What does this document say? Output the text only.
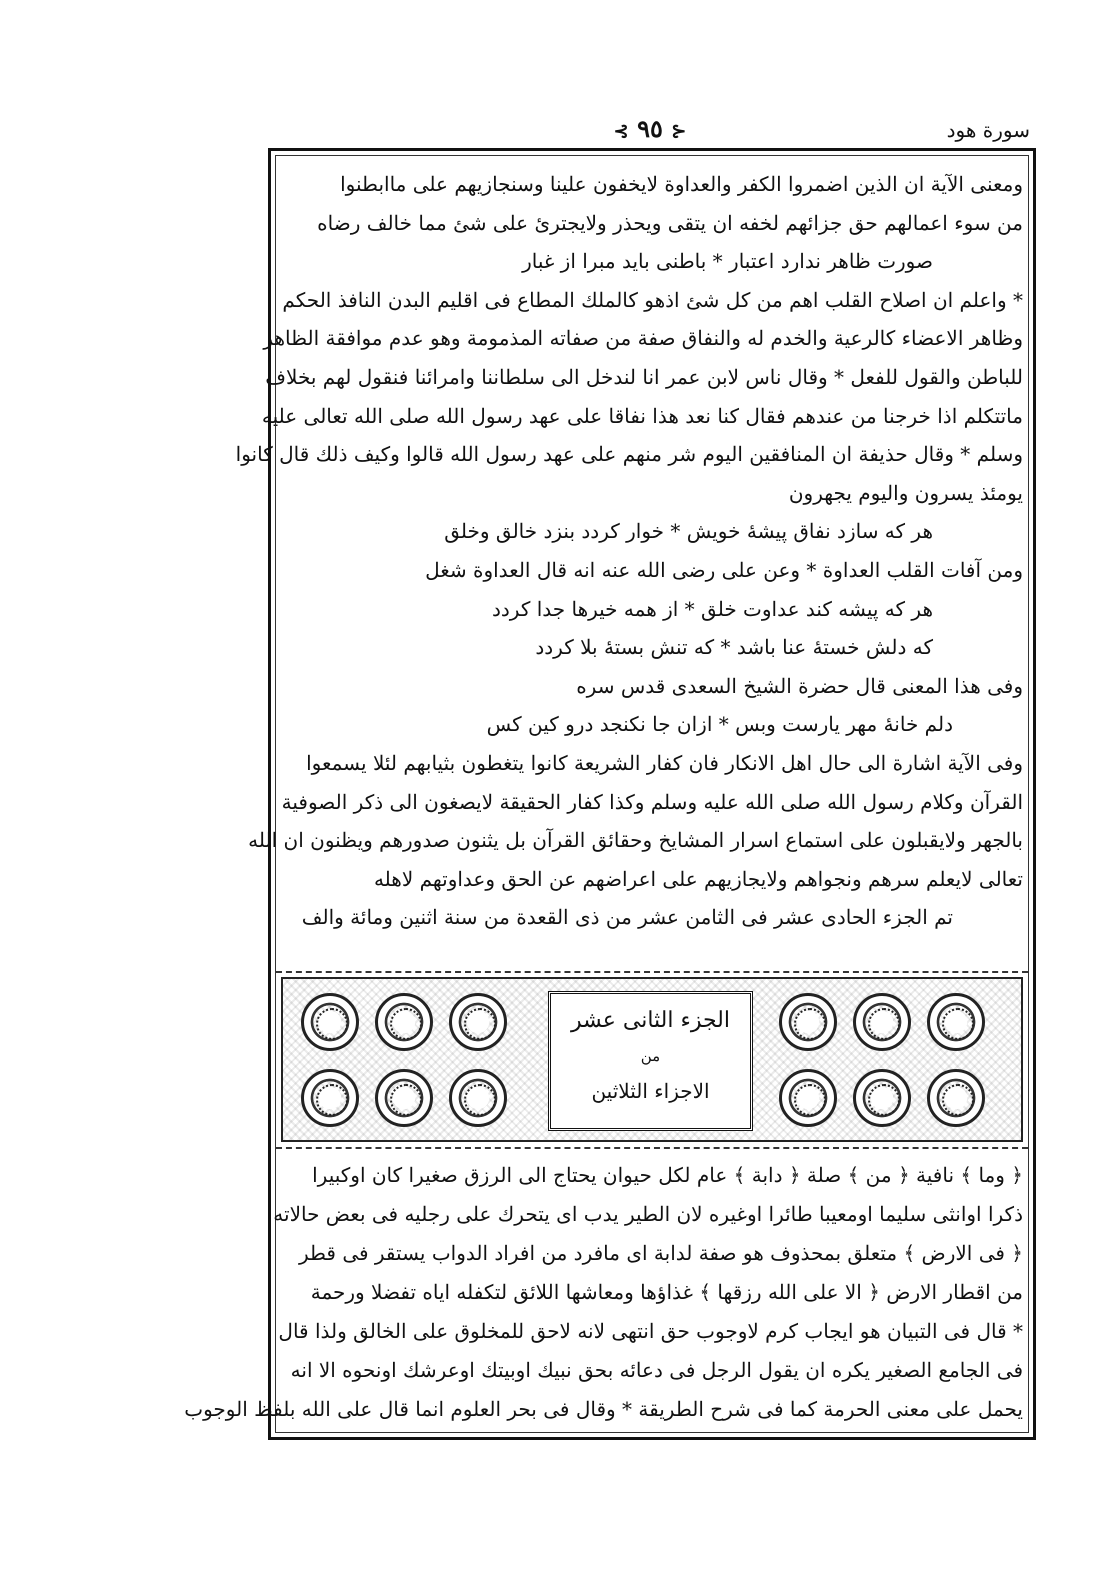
سورة هود
⊰ ٩٥ ⊱
ومعنى الآية ان الذين اضمروا الكفر والعداوة لايخفون علينا وسنجازيهم على ماابطنوا
من سوء اعمالهم حق جزائهم لخفه ان يتقى ويحذر ولايجترئ على شئ مما خالف رضاه
صورت ظاهر ندارد اعتبار * باطنى بايد مبرا از غبار
* واعلم ان اصلاح القلب اهم من كل شئ اذهو كالملك المطاع فى اقليم البدن النافذ الحكم
وظاهر الاعضاء كالرعية والخدم له والنفاق صفة من صفاته المذمومة وهو عدم موافقة الظاهر
للباطن والقول للفعل * وقال ناس لابن عمر انا لندخل الى سلطاننا وامرائنا فنقول لهم بخلاف
ماتتكلم اذا خرجنا من عندهم فقال كنا نعد هذا نفاقا على عهد رسول الله صلى الله تعالى عليه
وسلم * وقال حذيفة ان المنافقين اليوم شر منهم على عهد رسول الله قالوا وكيف ذلك قال كانوا
يومئذ يسرون واليوم يجهرون
هر كه سازد نفاق پيشهٔ خويش * خوار كردد بنزد خالق وخلق
ومن آفات القلب العداوة * وعن على رضى الله عنه انه قال العداوة شغل
هر كه پيشه كند عداوت خلق * از همه خيرها جدا كردد
كه دلش خستهٔ عنا باشد * كه تنش بستهٔ بلا كردد
وفى هذا المعنى قال حضرة الشيخ السعدى قدس سره
دلم خانهٔ مهر يارست وبس * ازان جا نكنجد درو كين كس
وفى الآية اشارة الى حال اهل الانكار فان كفار الشريعة كانوا يتغطون بثيابهم لئلا يسمعوا
القرآن وكلام رسول الله صلى الله عليه وسلم وكذا كفار الحقيقة لايصغون الى ذكر الصوفية
بالجهر ولايقبلون على استماع اسرار المشايخ وحقائق القرآن بل يثنون صدورهم ويظنون ان الله
تعالى لايعلم سرهم ونجواهم ولايجازيهم على اعراضهم عن الحق وعداوتهم لاهله
تم الجزء الحادى عشر فى الثامن عشر من ذى القعدة من سنة اثنين ومائة والف
الجزء الثانى عشر
من
الاجزاء الثلاثين
﴿ وما ﴾ نافية ﴿ من ﴾ صلة ﴿ دابة ﴾ عام لكل حيوان يحتاج الى الرزق صغيرا كان اوكبيرا
ذكرا اوانثى سليما اومعيبا طائرا اوغيره لان الطير يدب اى يتحرك على رجليه فى بعض حالاته
﴿ فى الارض ﴾ متعلق بمحذوف هو صفة لدابة اى مافرد من افراد الدواب يستقر فى قطر
من اقطار الارض ﴿ الا على الله رزقها ﴾ غذاؤها ومعاشها اللائق لتكفله اياه تفضلا ورحمة
* قال فى التبيان هو ايجاب كرم لاوجوب حق انتهى لانه لاحق للمخلوق على الخالق ولذا قال
فى الجامع الصغير يكره ان يقول الرجل فى دعائه بحق نبيك اوبيتك اوعرشك اونحوه الا انه
يحمل على معنى الحرمة كما فى شرح الطريقة * وقال فى بحر العلوم انما قال على الله بلفظ الوجوب
